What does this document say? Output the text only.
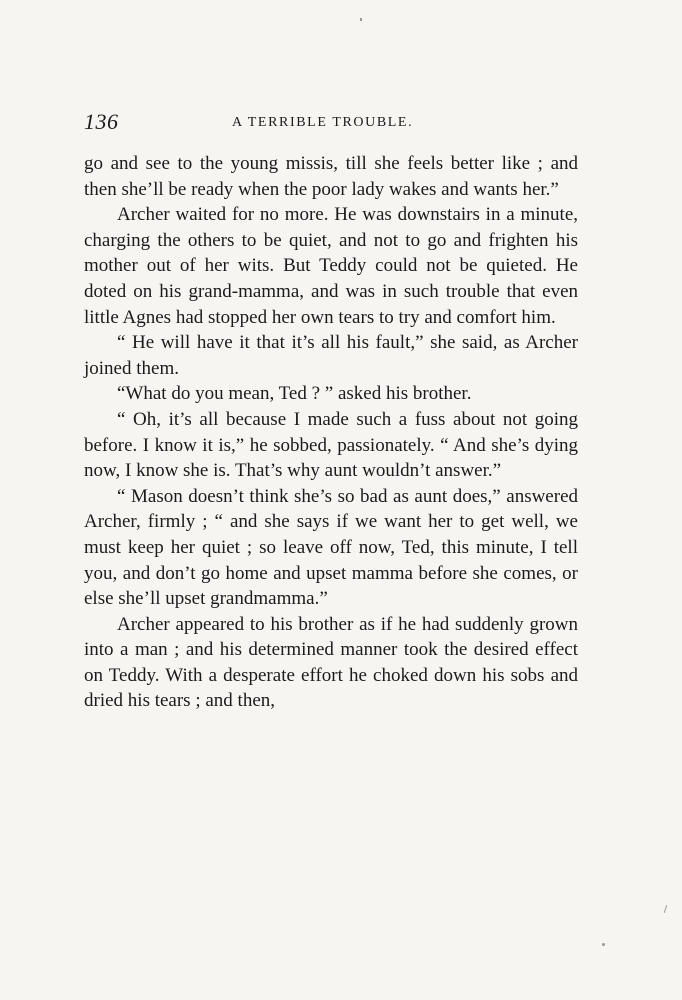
136	A TERRIBLE TROUBLE.

go and see to the young missis, till she feels better like ; and then she’ll be ready when the poor lady wakes and wants her.”

Archer waited for no more. He was downstairs in a minute, charging the others to be quiet, and not to go and frighten his mother out of her wits. But Teddy could not be quieted. He doted on his grand-mamma, and was in such trouble that even little Agnes had stopped her own tears to try and comfort him.

“ He will have it that it’s all his fault,” she said, as Archer joined them.

“What do you mean, Ted ? ” asked his brother.

“ Oh, it’s all because I made such a fuss about not going before. I know it is,” he sobbed, passionately. “ And she’s dying now, I know she is. That’s why aunt wouldn’t answer.”

“ Mason doesn’t think she’s so bad as aunt does,” answered Archer, firmly ; “ and she says if we want her to get well, we must keep her quiet ; so leave off now, Ted, this minute, I tell you, and don’t go home and upset mamma before she comes, or else she’ll upset grandmamma.”

Archer appeared to his brother as if he had suddenly grown into a man ; and his determined manner took the desired effect on Teddy. With a desperate effort he choked down his sobs and dried his tears ; and then,
